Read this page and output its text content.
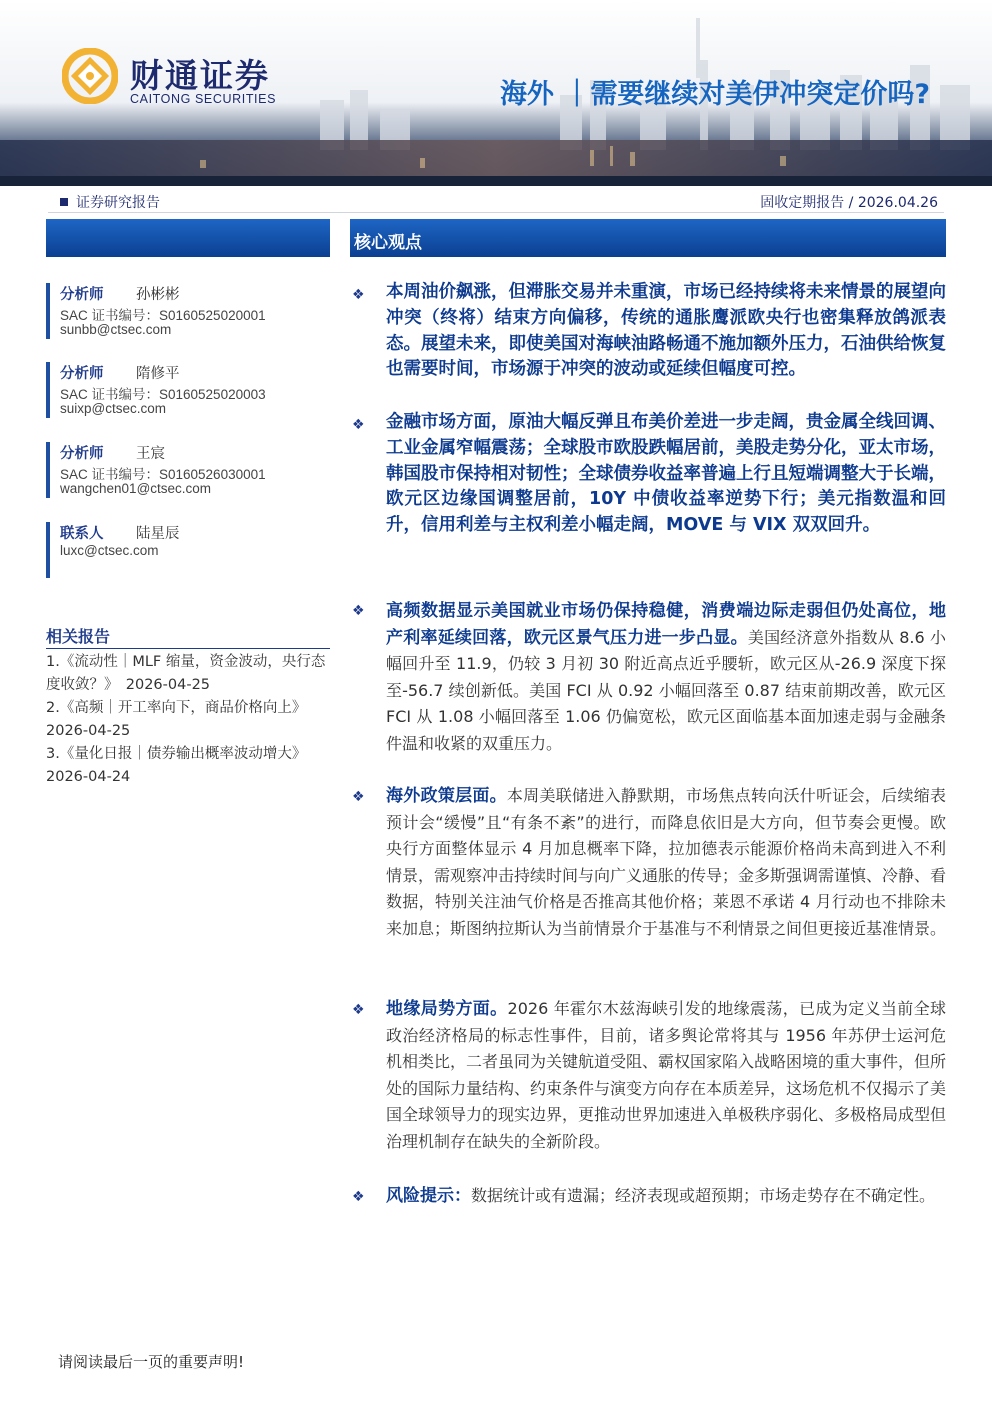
财通证券
CAITONG SECURITIES	海外 ｜需要继续对美伊冲突定价吗?
证券研究报告	固收定期报告 / 2026.04.26
分析师 孙彬彬
SAC 证书编号：S0160525020001
sunbb@ctsec.com
分析师 隋修平
SAC 证书编号：S0160525020003
suixp@ctsec.com
分析师 王宸
SAC 证书编号：S0160526030001
wangchen01@ctsec.com
联系人 陆星辰
luxc@ctsec.com
相关报告
1.《流动性｜MLF 缩量，资金波动，央行态度收敛？》　2026-04-25
2.《高频｜开工率向下，商品价格向上》 2026-04-25
3.《量化日报｜债券输出概率波动增大》 2026-04-24
核心观点
❖ 本周油价飙涨，但滞胀交易并未重演，市场已经持续将未来情景的展望向冲突（终将）结束方向偏移，传统的通胀鹰派欧央行也密集释放鸽派表态。展望未来，即使美国对海峡油路畅通不施加额外压力，石油供给恢复也需要时间，市场源于冲突的波动或延续但幅度可控。
❖ 金融市场方面，原油大幅反弹且布美价差进一步走阔，贵金属全线回调、工业金属窄幅震荡；全球股市欧股跌幅居前，美股走势分化，亚太市场，韩国股市保持相对韧性；全球债券收益率普遍上行且短端调整大于长端，欧元区边缘国调整居前，10Y 中债收益率逆势下行；美元指数温和回升，信用利差与主权利差小幅走阔，MOVE 与 VIX 双双回升。
❖ 高频数据显示美国就业市场仍保持稳健，消费端边际走弱但仍处高位，地产利率延续回落，欧元区景气压力进一步凸显。美国经济意外指数从 8.6 小幅回升至 11.9，仍较 3 月初 30 附近高点近乎腰斩，欧元区从-26.9 深度下探至-56.7 续创新低。美国 FCI 从 0.92 小幅回落至 0.87 结束前期改善，欧元区 FCI 从 1.08 小幅回落至 1.06 仍偏宽松，欧元区面临基本面加速走弱与金融条件温和收紧的双重压力。
❖ 海外政策层面。本周美联储进入静默期，市场焦点转向沃什听证会，后续缩表预计会“缓慢”且“有条不紊”的进行，而降息依旧是大方向，但节奏会更慢。欧央行方面整体显示 4 月加息概率下降，拉加德表示能源价格尚未高到进入不利情景，需观察冲击持续时间与向广义通胀的传导；金多斯强调需谨慎、冷静、看数据，特别关注油气价格是否推高其他价格；莱恩不承诺 4 月行动也不排除未来加息；斯图纳拉斯认为当前情景介于基准与不利情景之间但更接近基准情景。
❖ 地缘局势方面。2026 年霍尔木兹海峡引发的地缘震荡，已成为定义当前全球政治经济格局的标志性事件，目前，诸多舆论常将其与 1956 年苏伊士运河危机相类比，二者虽同为关键航道受阻、霸权国家陷入战略困境的重大事件，但所处的国际力量结构、约束条件与演变方向存在本质差异，这场危机不仅揭示了美国全球领导力的现实边界，更推动世界加速进入单极秩序弱化、多极格局成型但治理机制存在缺失的全新阶段。
❖ 风险提示：数据统计或有遗漏；经济表现或超预期；市场走势存在不确定性。
请阅读最后一页的重要声明!
